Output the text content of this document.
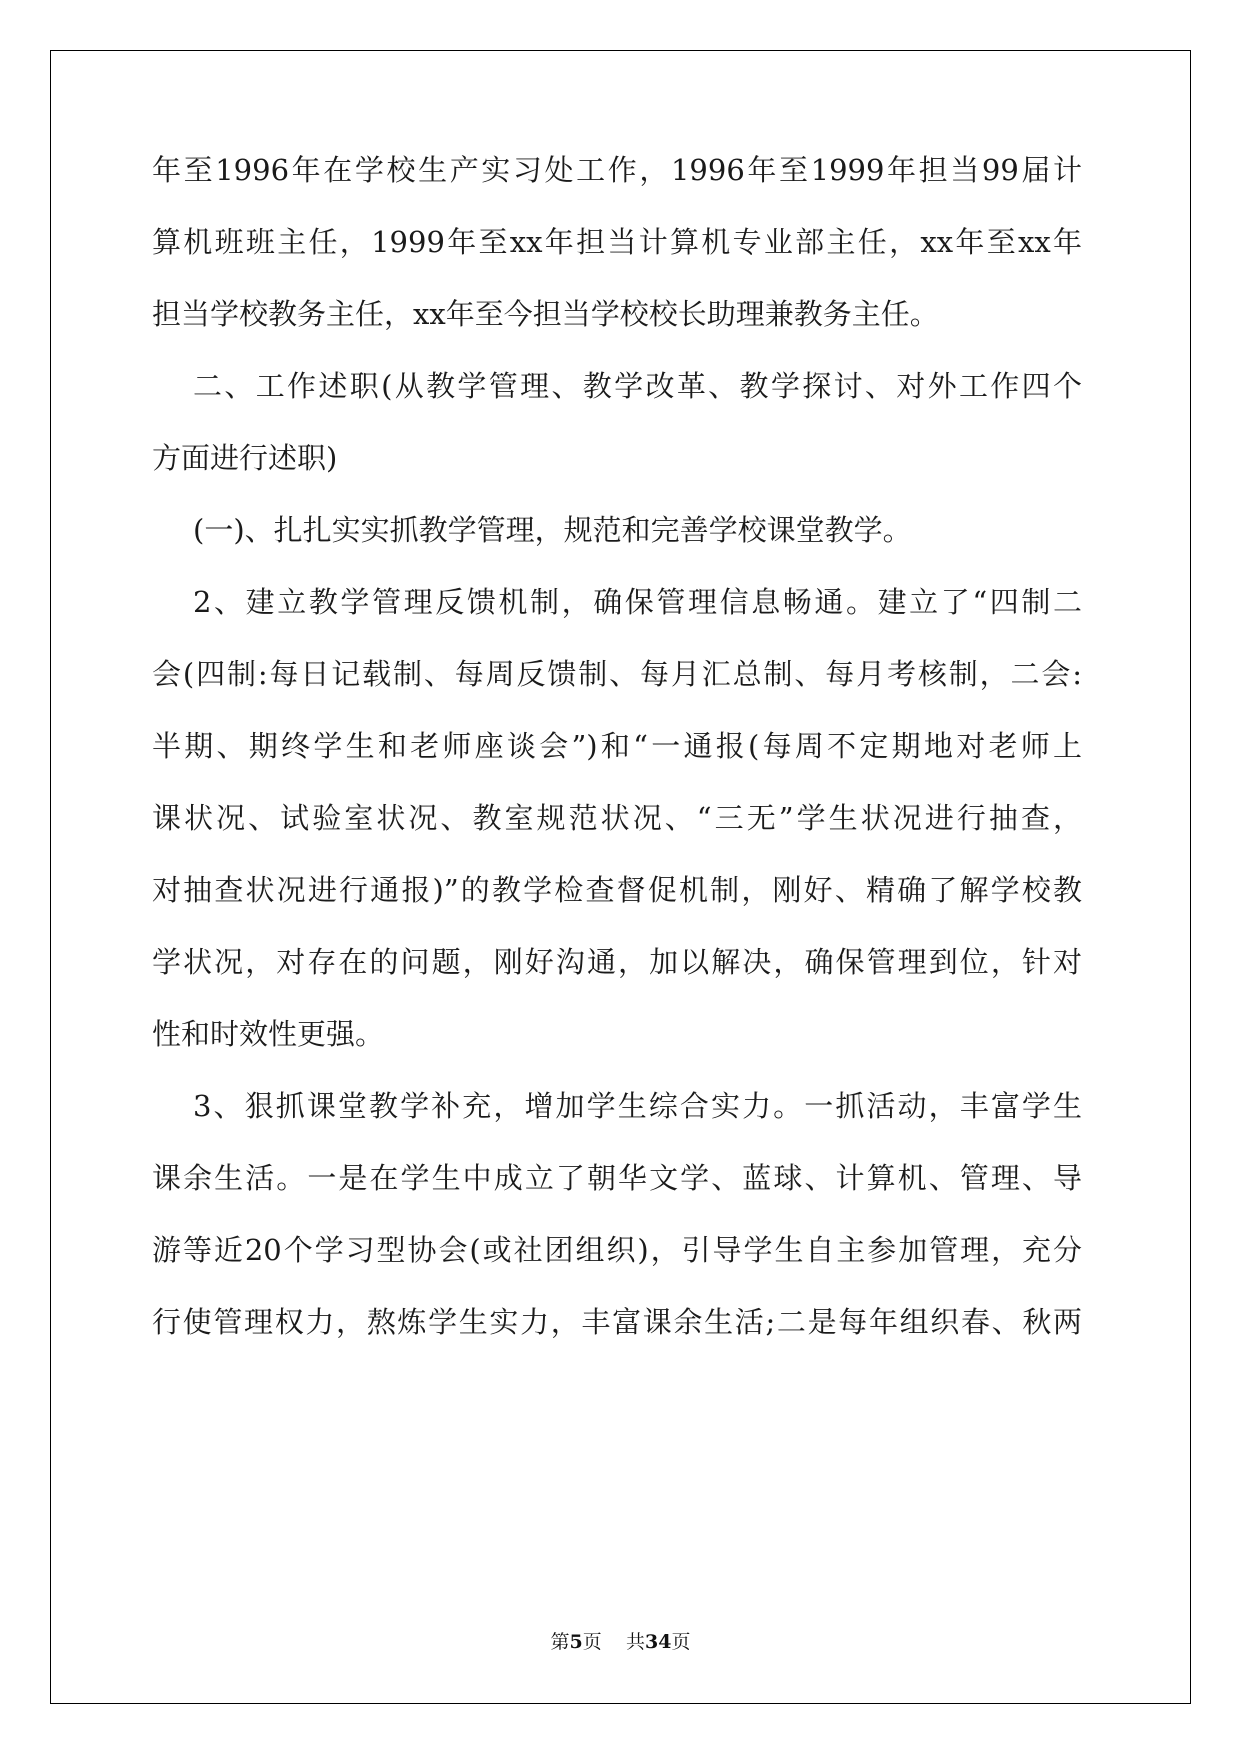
年至1996年在学校生产实习处工作，1996年至1999年担当99届计
算机班班主任，1999年至xx年担当计算机专业部主任，xx年至xx年
担当学校教务主任，xx年至今担当学校校长助理兼教务主任。
二、工作述职(从教学管理、教学改革、教学探讨、对外工作四个
方面进行述职)
(一)、扎扎实实抓教学管理，规范和完善学校课堂教学。
2、建立教学管理反馈机制，确保管理信息畅通。建立了“四制二
会(四制:每日记载制、每周反馈制、每月汇总制、每月考核制，二会:
半期、期终学生和老师座谈会”)和“一通报(每周不定期地对老师上
课状况、试验室状况、教室规范状况、“三无”学生状况进行抽查，
对抽查状况进行通报)”的教学检查督促机制，刚好、精确了解学校教
学状况，对存在的问题，刚好沟通，加以解决，确保管理到位，针对
性和时效性更强。
3、狠抓课堂教学补充，增加学生综合实力。一抓活动，丰富学生
课余生活。一是在学生中成立了朝华文学、蓝球、计算机、管理、导
游等近20个学习型协会(或社团组织)，引导学生自主参加管理，充分
行使管理权力，熬炼学生实力，丰富课余生活;二是每年组织春、秋两
第5页 共34页
